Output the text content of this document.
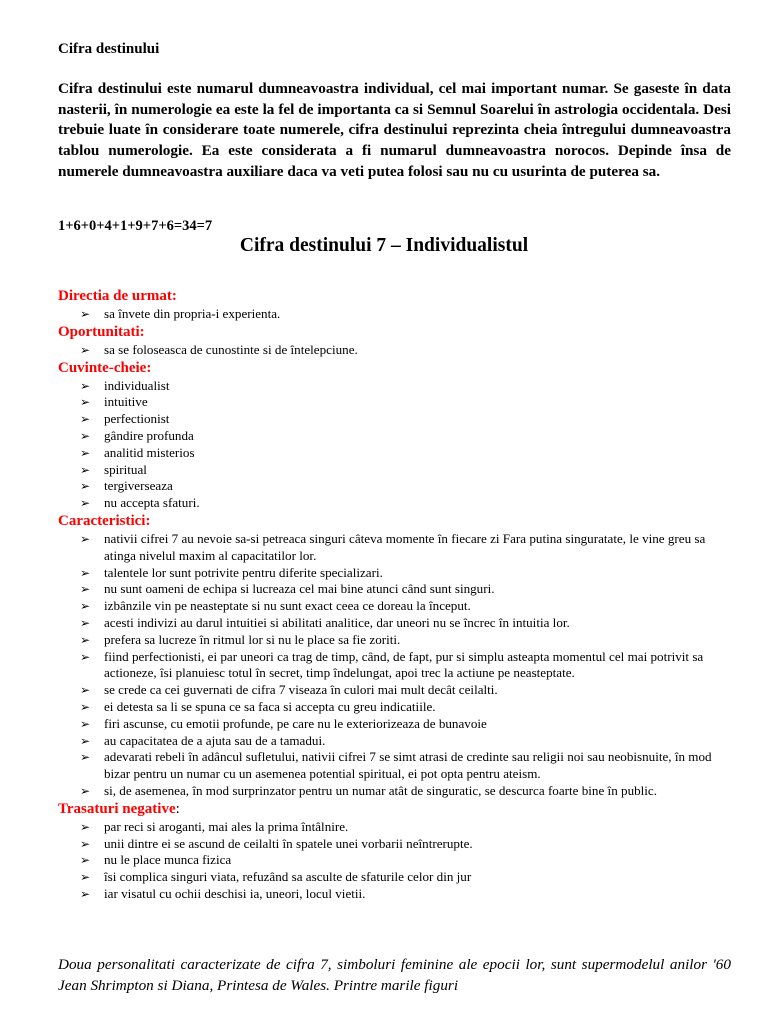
Cifra destinului

Cifra destinului este numarul dumneavoastra individual, cel mai important numar. Se gaseste în data nasterii, în numerologie ea este la fel de importanta ca si Semnul Soarelui în astrologia occidentala. Desi trebuie luate în considerare toate numerele, cifra destinului reprezinta cheia întregului dumneavoastra tablou numerologie. Ea este considerata a fi numarul dumneavoastra norocos. Depinde însa de numerele dumneavoastra auxiliare daca va veti putea folosi sau nu cu usurinta de puterea sa.

1+6+0+4+1+9+7+6=34=7
Cifra destinului 7 – Individualistul

Directia de urmat:

➢ sa învete din propria-i experienta.

Oportunitati:

➢ sa se foloseasca de cunostinte si de întelepciune.

Cuvinte-cheie:

➢ individualist
➢ intuitive
➢ perfectionist
➢ gândire profunda
➢ analitid misterios
➢ spiritual
➢ tergiverseaza
➢ nu accepta sfaturi.

Caracteristici:

➢ nativii cifrei 7 au nevoie sa-si petreaca singuri câteva momente în fiecare zi Fara putina singuratate, le vine greu sa atinga nivelul maxim al capacitatilor lor.
➢ talentele lor sunt potrivite pentru diferite specializari.
➢ nu sunt oameni de echipa si lucreaza cel mai bine atunci când sunt singuri.
➢ izbânzile vin pe neasteptate si nu sunt exact ceea ce doreau la început.
➢ acesti indivizi au darul intuitiei si abilitati analitice, dar uneori nu se încrec în intuitia lor.
➢ prefera sa lucreze în ritmul lor si nu le place sa fie zoriti.
➢ fiind perfectionisti, ei par uneori ca trag de timp, când, de fapt, pur si simplu asteapta momentul cel mai potrivit sa actioneze, îsi planuiesc totul în secret, timp îndelungat, apoi trec la actiune pe neasteptate.
➢ se crede ca cei guvernati de cifra 7 viseaza în culori mai mult decât ceilalti.
➢ ei detesta sa li se spuna ce sa faca si accepta cu greu indicatiile.
➢ firi ascunse, cu emotii profunde, pe care nu le exteriorizeaza de bunavoie
➢ au capacitatea de a ajuta sau de a tamadui.
➢ adevarati rebeli în adâncul sufletului, nativii cifrei 7 se simt atrasi de credinte sau religii noi sau neobisnuite, în mod bizar pentru un numar cu un asemenea potential spiritual, ei pot opta pentru ateism.
➢ si, de asemenea, în mod surprinzator pentru un numar atât de singuratic, se descurca foarte bine în public.

Trasaturi negative:

➢ par reci si aroganti, mai ales la prima întâlnire.
➢ unii dintre ei se ascund de ceilalti în spatele unei vorbarii neîntrerupte.
➢ nu le place munca fizica
➢ îsi complica singuri viata, refuzând sa asculte de sfaturile celor din jur
➢ iar visatul cu ochii deschisi ia, uneori, locul vietii.

Doua personalitati caracterizate de cifra 7, simboluri feminine ale epocii lor, sunt supermodelul anilor '60 Jean Shrimpton si Diana, Printesa de Wales. Printre marile figuri
